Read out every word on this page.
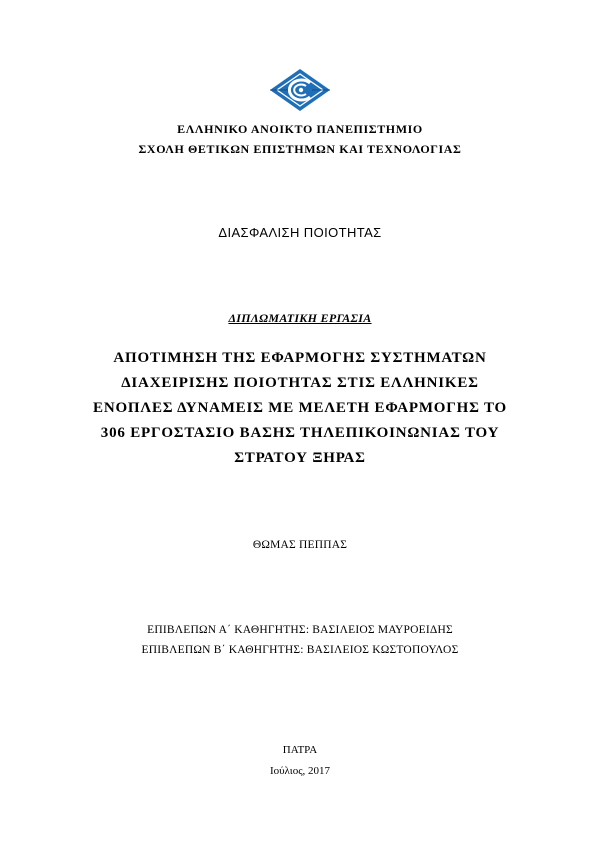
ΕΛΛΗΝΙΚΟ ΑΝΟΙΚΤΟ ΠΑΝΕΠΙΣΤΗΜΙΟ
ΣΧΟΛΗ ΘΕΤΙΚΩΝ ΕΠΙΣΤΗΜΩΝ ΚΑΙ ΤΕΧΝΟΛΟΓΙΑΣ
ΔΙΑΣΦΑΛΙΣΗ ΠΟΙΟΤΗΤΑΣ
ΔΙΠΛΩΜΑΤΙΚΗ ΕΡΓΑΣΙΑ
ΑΠΟΤΙΜΗΣΗ ΤΗΣ ΕΦΑΡΜΟΓΗΣ ΣΥΣΤΗΜΑΤΩΝ
ΔΙΑΧΕΙΡΙΣΗΣ ΠΟΙΟΤΗΤΑΣ ΣΤΙΣ ΕΛΛΗΝΙΚΕΣ
ΕΝΟΠΛΕΣ ΔΥΝΑΜΕΙΣ ΜΕ ΜΕΛΕΤΗ ΕΦΑΡΜΟΓΗΣ ΤΟ
306 ΕΡΓΟΣΤΑΣΙΟ ΒΑΣΗΣ ΤΗΛΕΠΙΚΟΙΝΩΝΙΑΣ ΤΟΥ
ΣΤΡΑΤΟΥ ΞΗΡΑΣ
ΘΩΜΑΣ ΠΕΠΠΑΣ
ΕΠΙΒΛΕΠΩΝ Α΄ ΚΑΘΗΓΗΤΗΣ: ΒΑΣΙΛΕΙΟΣ ΜΑΥΡΟΕΙΔΗΣ
ΕΠΙΒΛΕΠΩΝ Β΄ ΚΑΘΗΓΗΤΗΣ: ΒΑΣΙΛΕΙΟΣ ΚΩΣΤΟΠΟΥΛΟΣ
ΠΑΤΡΑ
Ιούλιος, 2017
